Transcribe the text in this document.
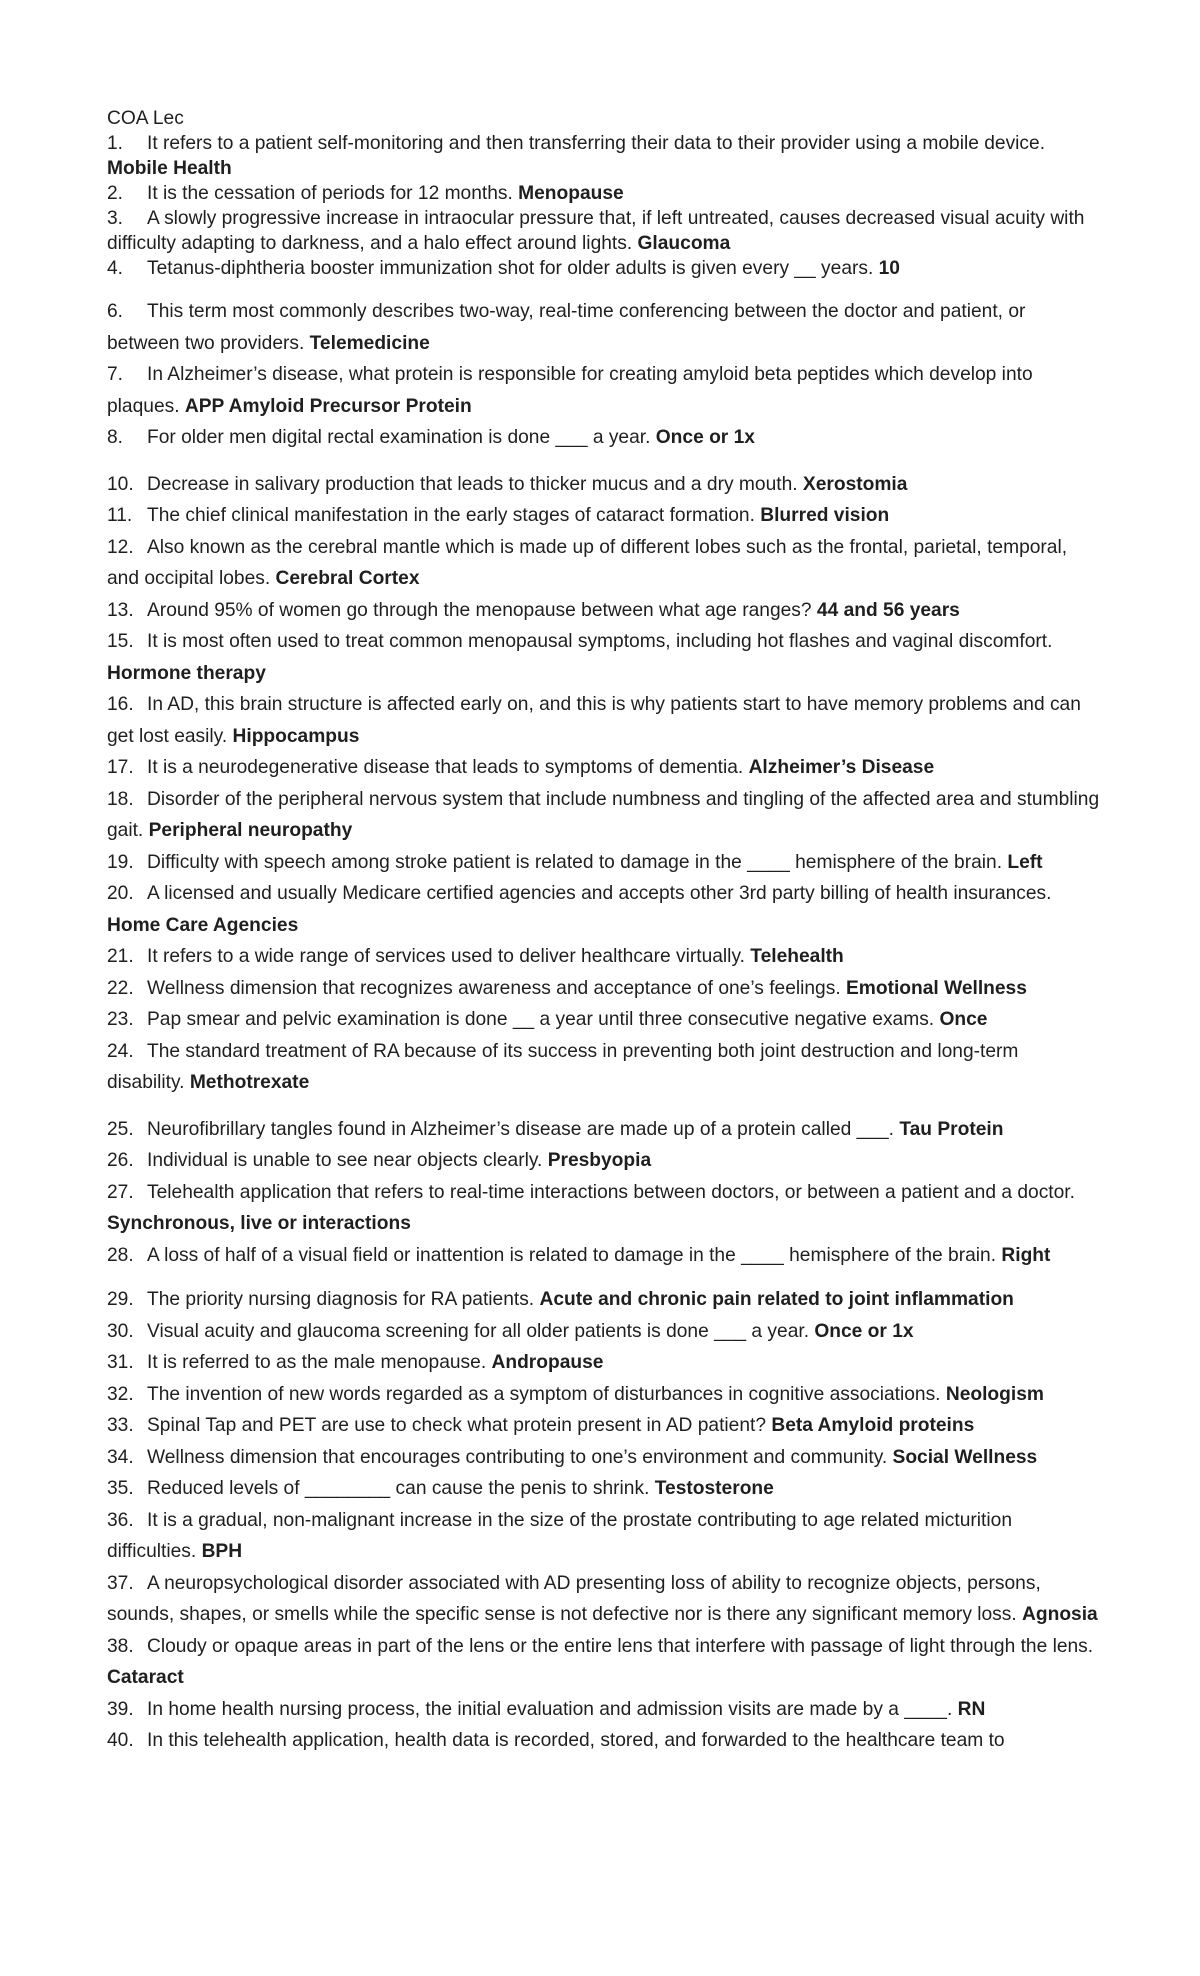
COA Lec
1. It refers to a patient self-monitoring and then transferring their data to their provider using a mobile device. Mobile Health
2. It is the cessation of periods for 12 months. Menopause
3. A slowly progressive increase in intraocular pressure that, if left untreated, causes decreased visual acuity with difficulty adapting to darkness, and a halo effect around lights. Glaucoma
4. Tetanus-diphtheria booster immunization shot for older adults is given every __ years. 10
6. This term most commonly describes two-way, real-time conferencing between the doctor and patient, or between two providers. Telemedicine
7. In Alzheimer’s disease, what protein is responsible for creating amyloid beta peptides which develop into plaques. APP Amyloid Precursor Protein
8. For older men digital rectal examination is done ___ a year. Once or 1x
10. Decrease in salivary production that leads to thicker mucus and a dry mouth. Xerostomia
11. The chief clinical manifestation in the early stages of cataract formation. Blurred vision
12. Also known as the cerebral mantle which is made up of different lobes such as the frontal, parietal, temporal, and occipital lobes. Cerebral Cortex
13. Around 95% of women go through the menopause between what age ranges? 44 and 56 years
15. It is most often used to treat common menopausal symptoms, including hot flashes and vaginal discomfort. Hormone therapy
16. In AD, this brain structure is affected early on, and this is why patients start to have memory problems and can get lost easily. Hippocampus
17. It is a neurodegenerative disease that leads to symptoms of dementia. Alzheimer’s Disease
18. Disorder of the peripheral nervous system that include numbness and tingling of the affected area and stumbling gait. Peripheral neuropathy
19. Difficulty with speech among stroke patient is related to damage in the ____ hemisphere of the brain. Left
20. A licensed and usually Medicare certified agencies and accepts other 3rd party billing of health insurances. Home Care Agencies
21. It refers to a wide range of services used to deliver healthcare virtually. Telehealth
22. Wellness dimension that recognizes awareness and acceptance of one’s feelings. Emotional Wellness
23. Pap smear and pelvic examination is done __ a year until three consecutive negative exams. Once
24. The standard treatment of RA because of its success in preventing both joint destruction and long-term disability. Methotrexate
25. Neurofibrillary tangles found in Alzheimer’s disease are made up of a protein called ___. Tau Protein
26. Individual is unable to see near objects clearly. Presbyopia
27. Telehealth application that refers to real-time interactions between doctors, or between a patient and a doctor. Synchronous, live or interactions
28. A loss of half of a visual field or inattention is related to damage in the ____ hemisphere of the brain. Right
29. The priority nursing diagnosis for RA patients. Acute and chronic pain related to joint inflammation
30. Visual acuity and glaucoma screening for all older patients is done ___ a year. Once or 1x
31. It is referred to as the male menopause. Andropause
32. The invention of new words regarded as a symptom of disturbances in cognitive associations. Neologism
33. Spinal Tap and PET are use to check what protein present in AD patient? Beta Amyloid proteins
34. Wellness dimension that encourages contributing to one’s environment and community. Social Wellness
35. Reduced levels of ________ can cause the penis to shrink. Testosterone
36. It is a gradual, non-malignant increase in the size of the prostate contributing to age related micturition difficulties. BPH
37. A neuropsychological disorder associated with AD presenting loss of ability to recognize objects, persons, sounds, shapes, or smells while the specific sense is not defective nor is there any significant memory loss. Agnosia
38. Cloudy or opaque areas in part of the lens or the entire lens that interfere with passage of light through the lens. Cataract
39. In home health nursing process, the initial evaluation and admission visits are made by a ____. RN
40. In this telehealth application, health data is recorded, stored, and forwarded to the healthcare team to
